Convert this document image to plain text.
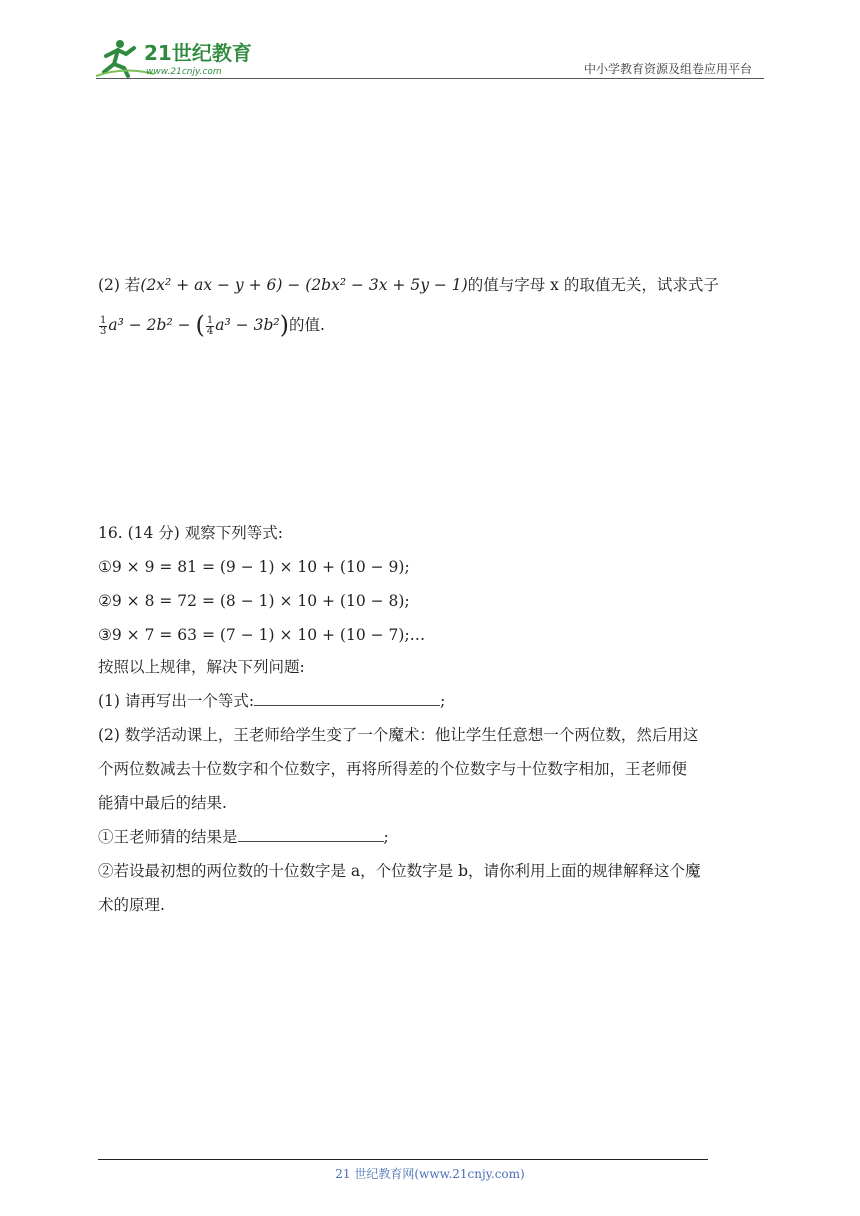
21世纪教育
www.21cnjy.com	中小学教育资源及组卷应用平台
(2) 若(2x² + ax − y + 6) − (2bx² − 3x + 5y − 1)的值与字母 x 的取值无关，试求式子
$\frac{1}{3} a^3 - 2b^2$ − ( $\frac{1}{4} a^3 - 3b^2$)的值.
16. (14 分) 观察下列等式:
①9 × 9 = 81 = (9 − 1) × 10 + (10 − 9);
②9 × 8 = 72 = (8 − 1) × 10 + (10 − 8);
③9 × 7 = 63 = (7 − 1) × 10 + (10 − 7);…
按照以上规律，解决下列问题:
(1) 请再写出一个等式:	;
(2) 数学活动课上，王老师给学生变了一个魔术：他让学生任意想一个两位数，然后用这
个两位数减去十位数字和个位数字，再将所得差的个位数字与十位数字相加，王老师便
能猜中最后的结果.
①王老师猜的结果是	;
②若设最初想的两位数的十位数字是 a，个位数字是 b，请你利用上面的规律解释这个魔
术的原理.
21 世纪教育网(www.21cnjy.com)
